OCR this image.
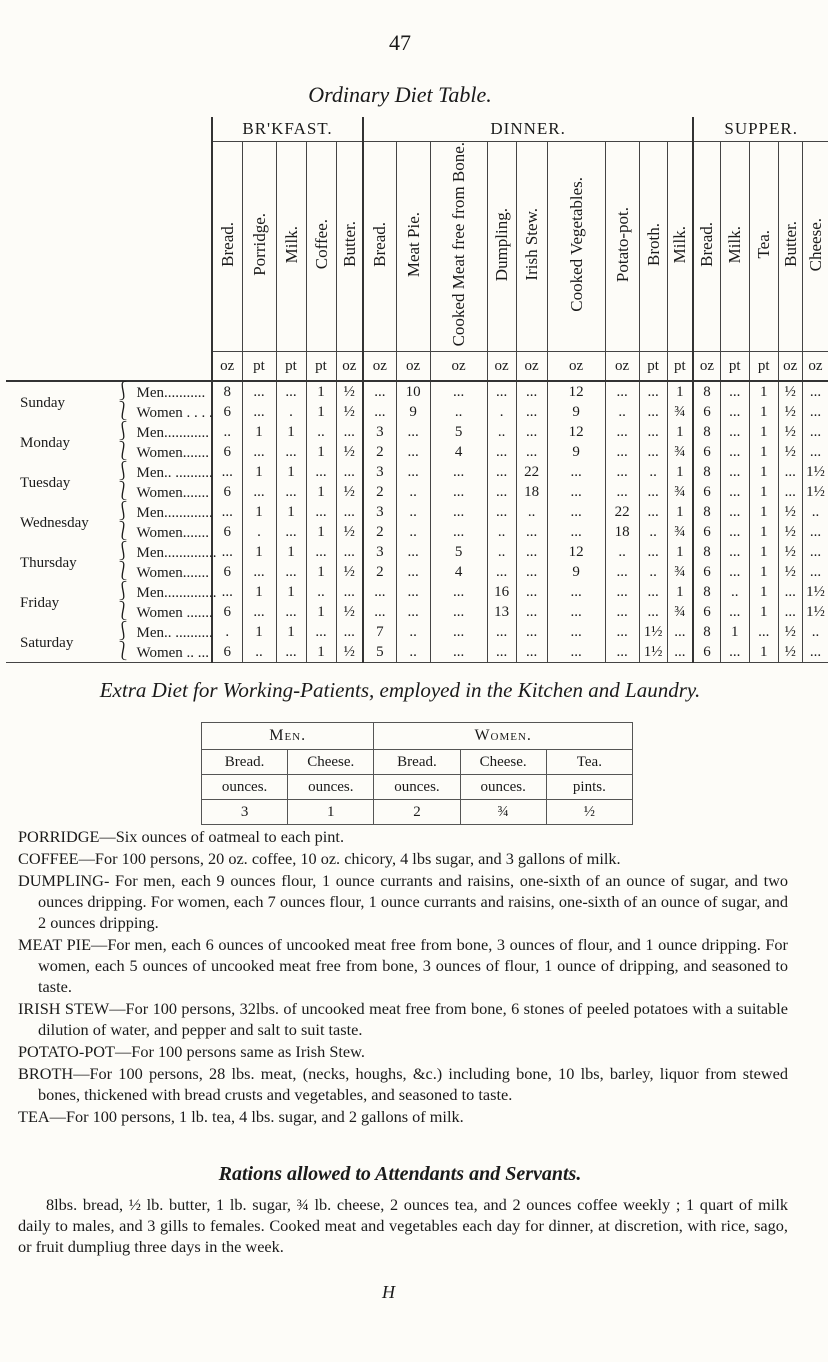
47
Ordinary Diet Table.
		BR'KFAST.					DINNER.									SUPPER.				
		Bread.	Porridge.	Milk.	Coffee.	Butter.	Bread.	Meat Pie.	Cooked Meat free from Bone.	Dumpling.	Irish Stew.	Cooked Vegetables.	Potato-pot.	Broth.	Milk.	Bread.	Milk.	Tea.	Butter.	Cheese.
		oz	pt	pt	pt	oz	oz	oz	oz	oz	oz	oz	oz	pt	pt	oz	pt	pt	oz	oz
Sunday	⎰ Men...........	8	...	...	1	½	...	10	...	...	...	12	...	...	1	8	...	1	½	...
	⎱ Women . . . .	6	...	.	1	½	...	9	..	.	...	9	..	...	¾	6	...	1	½	...
Monday	⎰ Men............	..	1	1	..	...	3	...	5	..	...	12	...	...	1	8	...	1	½	...
	⎱ Women.......	6	...	...	1	½	2	...	4	...	...	9	...	...	¾	6	...	1	½	...
Tuesday	⎰ Men.. ..........	...	1	1	...	...	3	...	...	...	22	...	...	..	1	8	...	1	...	1½
	⎱ Women.......	6	...	...	1	½	2	..	...	...	18	...	...	...	¾	6	...	1	...	1½
Wednesday	⎰ Men.............	...	1	1	...	...	3	..	...	...	..	...	22	...	1	8	...	1	½	..
	⎱ Women.......	6	.	...	1	½	2	..	...	..	...	...	18	..	¾	6	...	1	½	...
Thursday	⎰ Men..............	...	1	1	...	...	3	...	5	..	...	12	..	...	1	8	...	1	½	...
	⎱ Women.......	6	...	...	1	½	2	...	4	...	...	9	...	..	¾	6	...	1	½	...
Friday	⎰ Men..............	...	1	1	..	...	...	...	...	16	...	...	...	...	1	8	..	1	...	1½
	⎱ Women .......	6	...	...	1	½	...	...	...	13	...	...	...	...	¾	6	...	1	...	1½
Saturday	⎰ Men.. ..........	.	1	1	...	...	7	..	...	...	...	...	...	1½	...	8	1	...	½	..
	⎱ Women .. ...	6	..	...	1	½	5	..	...	...	...	...	...	1½	...	6	...	1	½	...
Extra Diet for Working-Patients, employed in the Kitchen and Laundry.
Men.		Women.		
Bread.	Cheese.	Bread.	Cheese.	Tea.
ounces.	ounces.	ounces.	ounces.	pints.
3	1	2	¾	½

PORRIDGE—Six ounces of oatmeal to each pint.

COFFEE—For 100 persons, 20 oz. coffee, 10 oz. chicory, 4 lbs sugar, and 3 gallons of milk.

DUMPLING- For men, each 9 ounces flour, 1 ounce currants and raisins, one-sixth of an ounce of sugar, and two ounces dripping. For women, each 7 ounces flour, 1 ounce currants and raisins, one-sixth of an ounce of sugar, and 2 ounces dripping.

MEAT PIE—For men, each 6 ounces of uncooked meat free from bone, 3 ounces of flour, and 1 ounce dripping. For women, each 5 ounces of uncooked meat free from bone, 3 ounces of flour, 1 ounce of dripping, and seasoned to taste.

IRISH STEW—For 100 persons, 32lbs. of uncooked meat free from bone, 6 stones of peeled potatoes with a suitable dilution of water, and pepper and salt to suit taste.

POTATO-POT—For 100 persons same as Irish Stew.

BROTH—For 100 persons, 28 lbs. meat, (necks, houghs, &c.) including bone, 10 lbs, barley, liquor from stewed bones, thickened with bread crusts and vegetables, and seasoned to taste.

TEA—For 100 persons, 1 lb. tea, 4 lbs. sugar, and 2 gallons of milk.

Rations allowed to Attendants and Servants.
8lbs. bread, ½ lb. butter, 1 lb. sugar, ¾ lb. cheese, 2 ounces tea, and 2 ounces coffee weekly ; 1 quart of milk daily to males, and 3 gills to females. Cooked meat and vegetables each day for dinner, at discretion, with rice, sago, or fruit dumpliug three days in the week.
H
